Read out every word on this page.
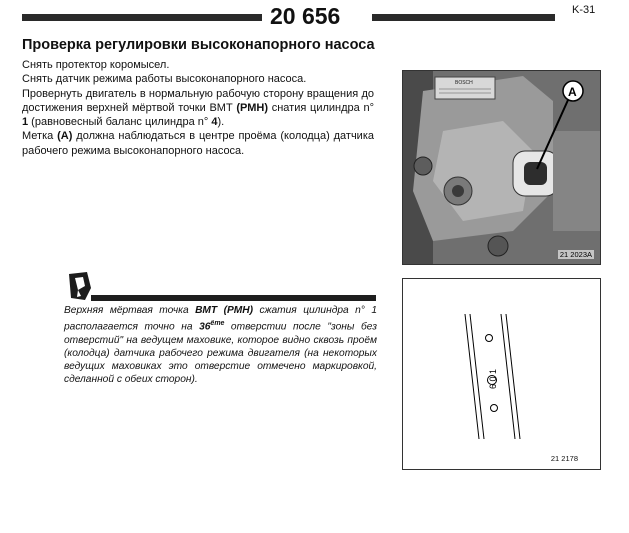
20 656	K-31
Проверка регулировки высоконапорного насоса

Снять протектор коромысел.

Снять датчик режима работы высоконапорного насоса.

Провернуть двигатель в нормальную рабочую сторону вращения до достижения верхней мёртвой точки ВМТ (РМН) снатия цилиндра n° 1 (равновесный баланс цилиндра n° 4).

Метка (A) должна наблюдаться в центре проёма (колодца) датчика рабочего режима высоконапорного насоса.

BOSCH
A
21 2023A

Верхняя мёртвая точка ВМТ (РМН) сжатия цилиндра n° 1 располагается точно на $36^{ёте}$ отверстии после "зоны без отверстий" на ведущем маховике, которое видно сквозь проём (колодца) датчика рабочего режима двигателя (на некоторых ведущих маховиках это отверстие отмечено маркировкой, сделанной с обеих сторон).	6 0 1
21 2178
